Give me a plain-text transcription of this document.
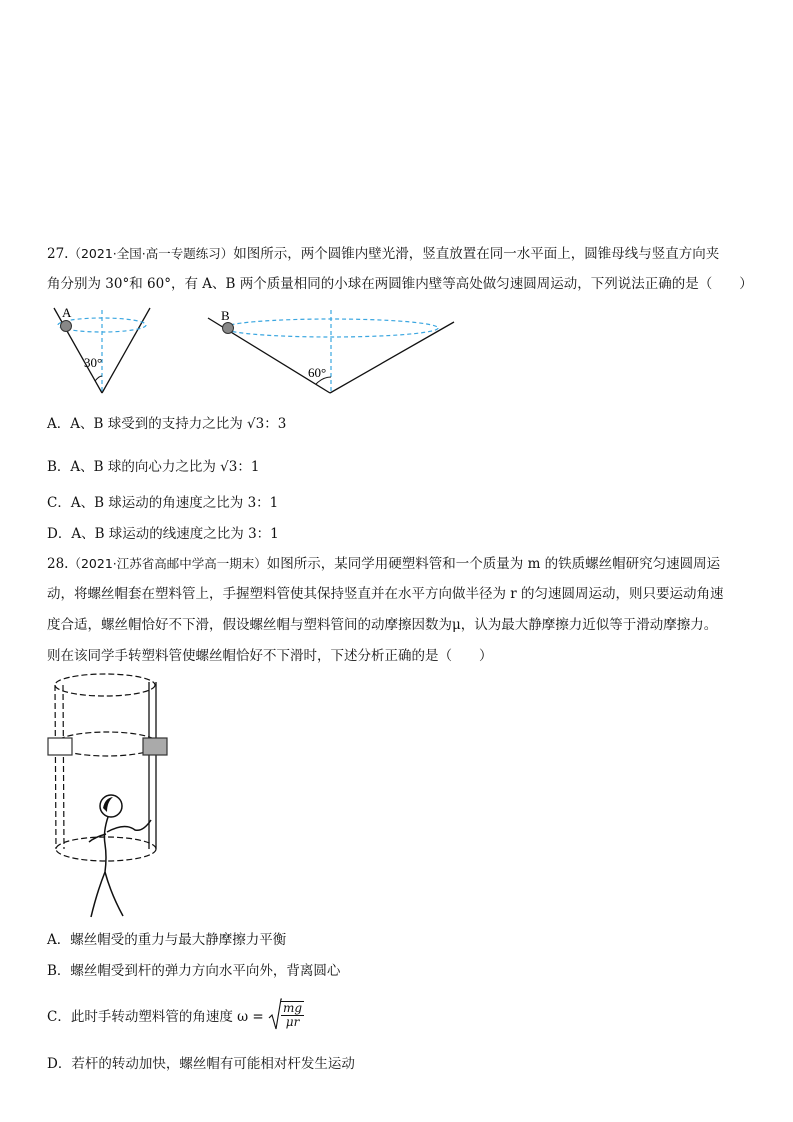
27.（2021·全国·高一专题练习）如图所示，两个圆锥内壁光滑，竖直放置在同一水平面上，圆锥母线与竖直方向夹
角分别为 30°和 60°，有 A、B 两个质量相同的小球在两圆锥内壁等高处做匀速圆周运动，下列说法正确的是（　　）
A
30°
B
60°
A．A、B 球受到的支持力之比为 √3：3
B．A、B 球的向心力之比为 √3：1
C．A、B 球运动的角速度之比为 3：1
D．A、B 球运动的线速度之比为 3：1
28.（2021·江苏省高邮中学高一期末）如图所示，某同学用硬塑料管和一个质量为 m 的铁质螺丝帽研究匀速圆周运
动，将螺丝帽套在塑料管上，手握塑料管使其保持竖直并在水平方向做半径为 r 的匀速圆周运动，则只要运动角速
度合适，螺丝帽恰好不下滑，假设螺丝帽与塑料管间的动摩擦因数为μ，认为最大静摩擦力近似等于滑动摩擦力。
则在该同学手转塑料管使螺丝帽恰好不下滑时，下述分析正确的是（　　）
A．螺丝帽受的重力与最大静摩擦力平衡
B．螺丝帽受到杆的弹力方向水平向外，背离圆心
C．此时手转动塑料管的角速度 $\omega = \frac{mg}{\mu r}$
D．若杆的转动加快，螺丝帽有可能相对杆发生运动
